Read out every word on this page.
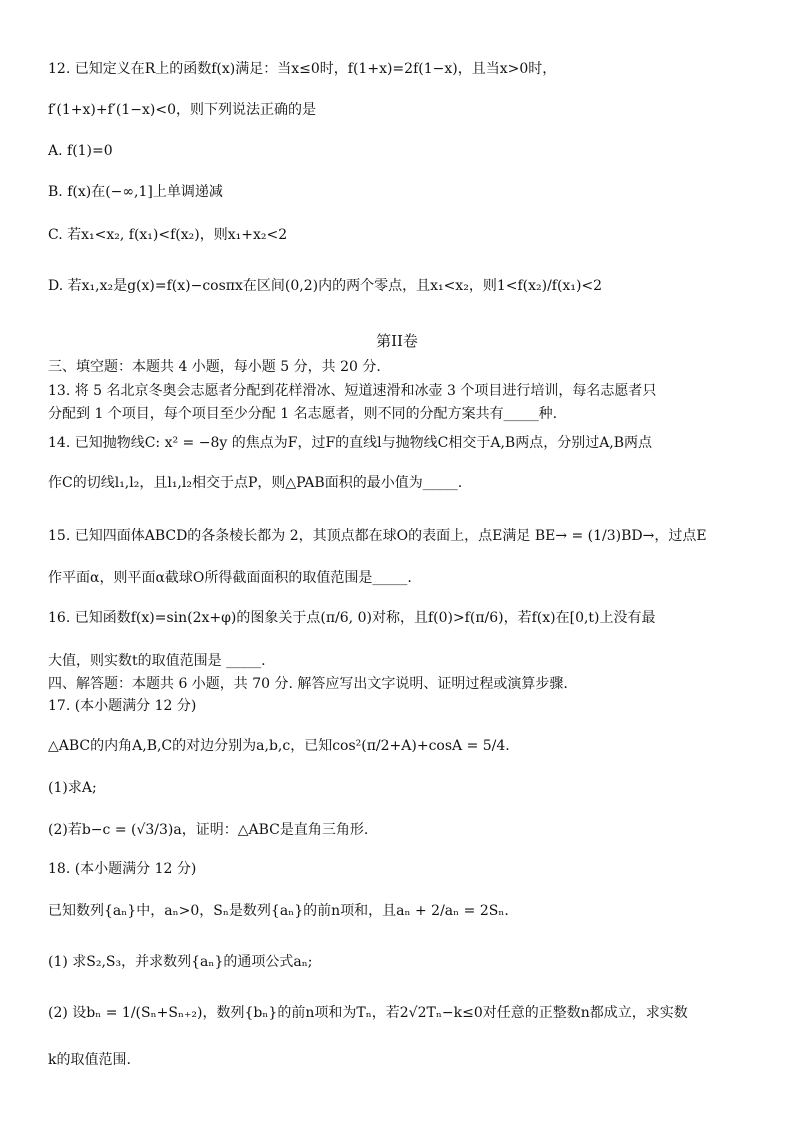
12. 已知定义在R上的函数f(x)满足：当x≤0时，f(1+x)=2f(1−x)，且当x>0时，
f′(1+x)+f′(1−x)<0，则下列说法正确的是
A. f(1)=0
B. f(x)在(−∞,1]上单调递减
C. 若x₁<x₂, f(x₁)<f(x₂)，则x₁+x₂<2
D. 若x₁,x₂是g(x)=f(x)−cosπx在区间(0,2)内的两个零点，且x₁<x₂，则1<f(x₂)/f(x₁)<2
第II卷
三、填空题：本题共 4 小题，每小题 5 分，共 20 分.
13. 将 5 名北京冬奥会志愿者分配到花样滑冰、短道速滑和冰壶 3 个项目进行培训，每名志愿者只
分配到 1 个项目，每个项目至少分配 1 名志愿者，则不同的分配方案共有_____种.
14. 已知抛物线C: x² = −8y 的焦点为F，过F的直线l与抛物线C相交于A,B两点，分别过A,B两点
作C的切线l₁,l₂，且l₁,l₂相交于点P，则△PAB面积的最小值为_____.
15. 已知四面体ABCD的各条棱长都为 2，其顶点都在球O的表面上，点E满足 BE→ = (1/3)BD→，过点E
作平面α，则平面α截球O所得截面面积的取值范围是_____.
16. 已知函数f(x)=sin(2x+φ)的图象关于点(π/6, 0)对称，且f(0)>f(π/6)，若f(x)在[0,t)上没有最
大值，则实数t的取值范围是 _____.
四、解答题：本题共 6 小题，共 70 分. 解答应写出文字说明、证明过程或演算步骤.
17. (本小题满分 12 分)
△ABC的内角A,B,C的对边分别为a,b,c，已知cos²(π/2+A)+cosA = 5/4.
(1)求A;
(2)若b−c = (√3/3)a，证明：△ABC是直角三角形.
18. (本小题满分 12 分)
已知数列{aₙ}中，aₙ>0，Sₙ是数列{aₙ}的前n项和，且aₙ + 2/aₙ = 2Sₙ.
(1) 求S₂,S₃，并求数列{aₙ}的通项公式aₙ;
(2) 设bₙ = 1/(Sₙ+Sₙ₊₂)，数列{bₙ}的前n项和为Tₙ，若2√2Tₙ−k≤0对任意的正整数n都成立，求实数
k的取值范围.
